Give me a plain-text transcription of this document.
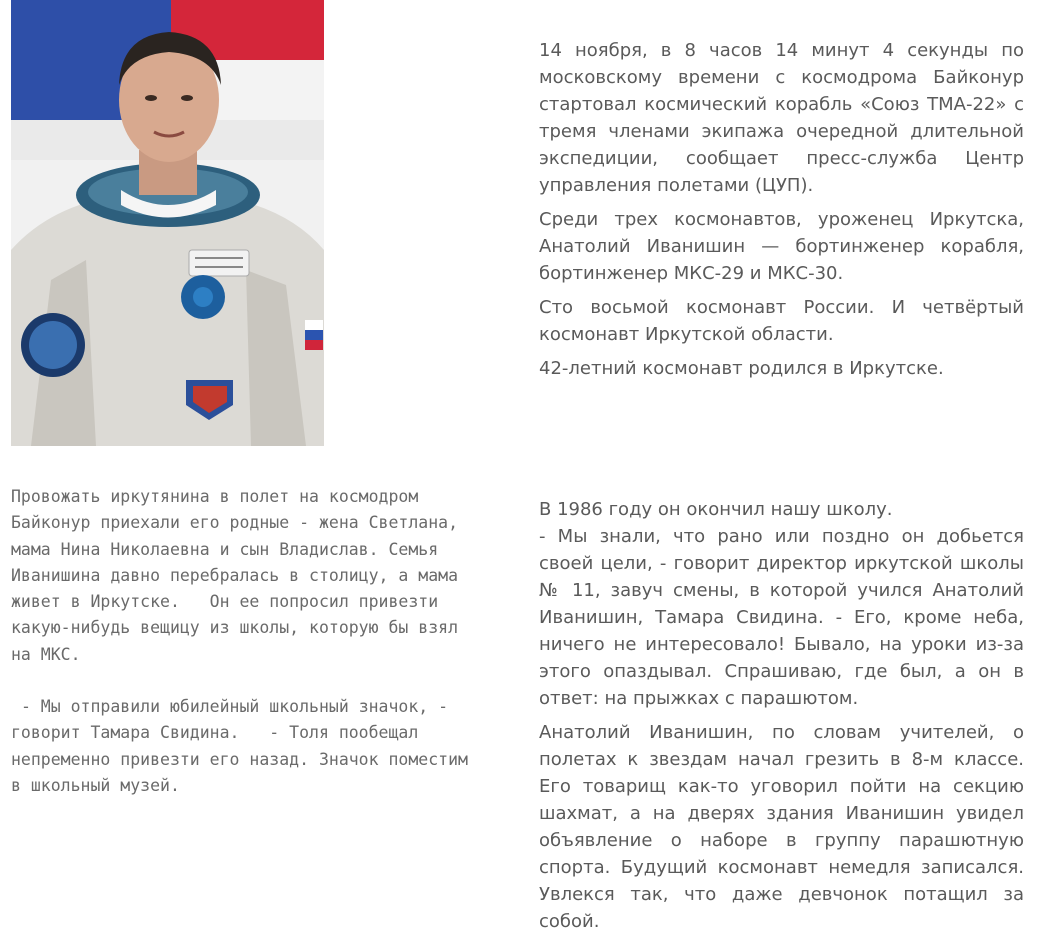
14 ноября, в 8 часов 14 минут 4 секунды по московскому времени с космодрома Байконур стартовал космический корабль «Союз ТМА-22» с тремя членами экипажа очередной длительной экспедиции, сообщает пресс-служба Центр управления полетами (ЦУП).

Среди трех космонавтов, уроженец Иркутска, Анатолий Иванишин — бортинженер корабля, бортинженер МКС-29 и МКС-30.

Сто восьмой космонавт России. И четвёртый космонавт Иркутской области.

42-летний космонавт родился в Иркутске.

Провожать иркутянина в полет на космодром Байконур приехали его родные - жена Светлана, мама Нина Николаевна и сын Владислав. Семья Иванишина давно перебралась в столицу, а мама живет в Иркутске.   Он ее попросил привезти какую-нибудь вещицу из школы, которую бы взял на МКС.

- Мы отправили юбилейный школьный значок, - говорит Тамара Свидина.   - Толя пообещал непременно привезти его назад. Значок поместим в школьный музей.

В 1986 году он окончил нашу школу.

- Мы знали, что рано или поздно он добьется своей цели, - говорит директор иркутской школы № 11, завуч смены, в которой учился Анатолий Иванишин, Тамара Свидина. - Его, кроме неба, ничего не интересовало! Бывало, на уроки из-за этого опаздывал. Спрашиваю, где был, а он в ответ: на прыжках с парашютом.

Анатолий Иванишин, по словам учителей, о полетах к звездам начал грезить в 8-м классе. Его товарищ как-то уговорил пойти на секцию шахмат, а на дверях здания Иванишин увидел объявление о наборе в группу парашютную спорта. Будущий космонавт немедля записался. Увлекся так, что даже девчонок потащил за собой.
